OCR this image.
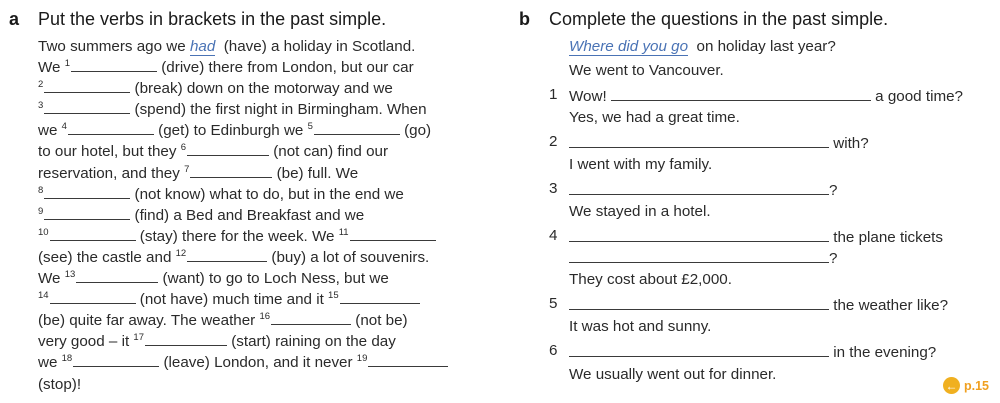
a Put the verbs in brackets in the past simple.
Two summers ago we had  (have) a holiday in Scotland.
We $^1$	(drive) there from London, but our car
$^2$	(break) down on the motorway and we
$^3$	(spend) the first night in Birmingham. When
we $^4$	(get) to Edinburgh we $^5$	(go)
to our hotel, but they $^6$	(not can) find our
reservation, and they $^7$	(be) full. We
$^8$	(not know) what to do, but in the end we
$^9$	(find) a Bed and Breakfast and we
$^{10}$	(stay) there for the week. We $^{11}$
(see) the castle and $^{12}$	(buy) a lot of souvenirs.
We $^{13}$	(want) to go to Loch Ness, but we
$^{14}$	(not have) much time and it $^{15}$
(be) quite far away. The weather $^{16}$	(not be)
very good – it $^{17}$	(start) raining on the day
we $^{18}$	(leave) London, and it never $^{19}$
(stop)!
b Complete the questions in the past simple.
Where did you go on holiday last year?
We went to Vancouver.
1 Wow!	a good time?
Yes, we had a great time.
2	with?
I went with my family.
3	?
We stayed in a hotel.
4	the plane tickets
?
They cost about £2,000.
5	the weather like?
It was hot and sunny.
6	in the evening?
We usually went out for dinner.
← p.15
